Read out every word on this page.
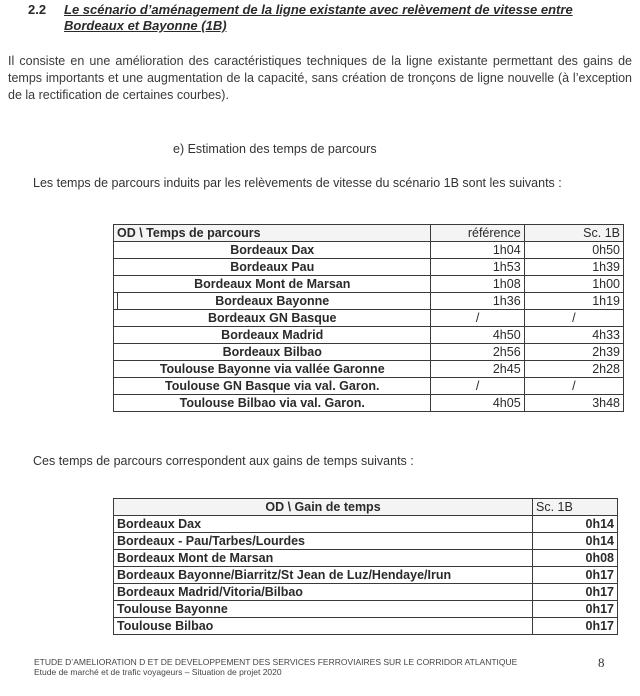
2.2 Le scénario d’aménagement de la ligne existante avec relèvement de vitesse entre Bordeaux et Bayonne (1B)

Il consiste en une amélioration des caractéristiques techniques de la ligne existante permettant des gains de temps importants et une augmentation de la capacité, sans création de tronçons de ligne nouvelle (à l’exception de la rectification de certaines courbes).

e) Estimation des temps de parcours
Les temps de parcours induits par les relèvements de vitesse du scénario 1B sont les suivants :
OD \ Temps de parcours	référence	Sc. 1B
Bordeaux Dax	1h04	0h50
Bordeaux Pau	1h53	1h39
Bordeaux Mont de Marsan	1h08	1h00
Bordeaux Bayonne	1h36	1h19
Bordeaux GN Basque	/	/
Bordeaux Madrid	4h50	4h33
Bordeaux Bilbao	2h56	2h39
Toulouse Bayonne via vallée Garonne	2h45	2h28
Toulouse GN Basque via val. Garon.	/	/
Toulouse Bilbao via val. Garon.	4h05	3h48
Ces temps de parcours correspondent aux gains de temps suivants :
OD \ Gain de temps	Sc. 1B
Bordeaux Dax	0h14
Bordeaux - Pau/Tarbes/Lourdes	0h14
Bordeaux Mont de Marsan	0h08
Bordeaux Bayonne/Biarritz/St Jean de Luz/Hendaye/Irun	0h17
Bordeaux Madrid/Vitoria/Bilbao	0h17
Toulouse Bayonne	0h17
Toulouse Bilbao	0h17
ETUDE D’AMELIORATION D ET DE DEVELOPPEMENT DES SERVICES FERROVIAIRES SUR LE CORRIDOR ATLANTIQUE
Etude de marché et de trafic voyageurs – Situation de projet 2020
8
